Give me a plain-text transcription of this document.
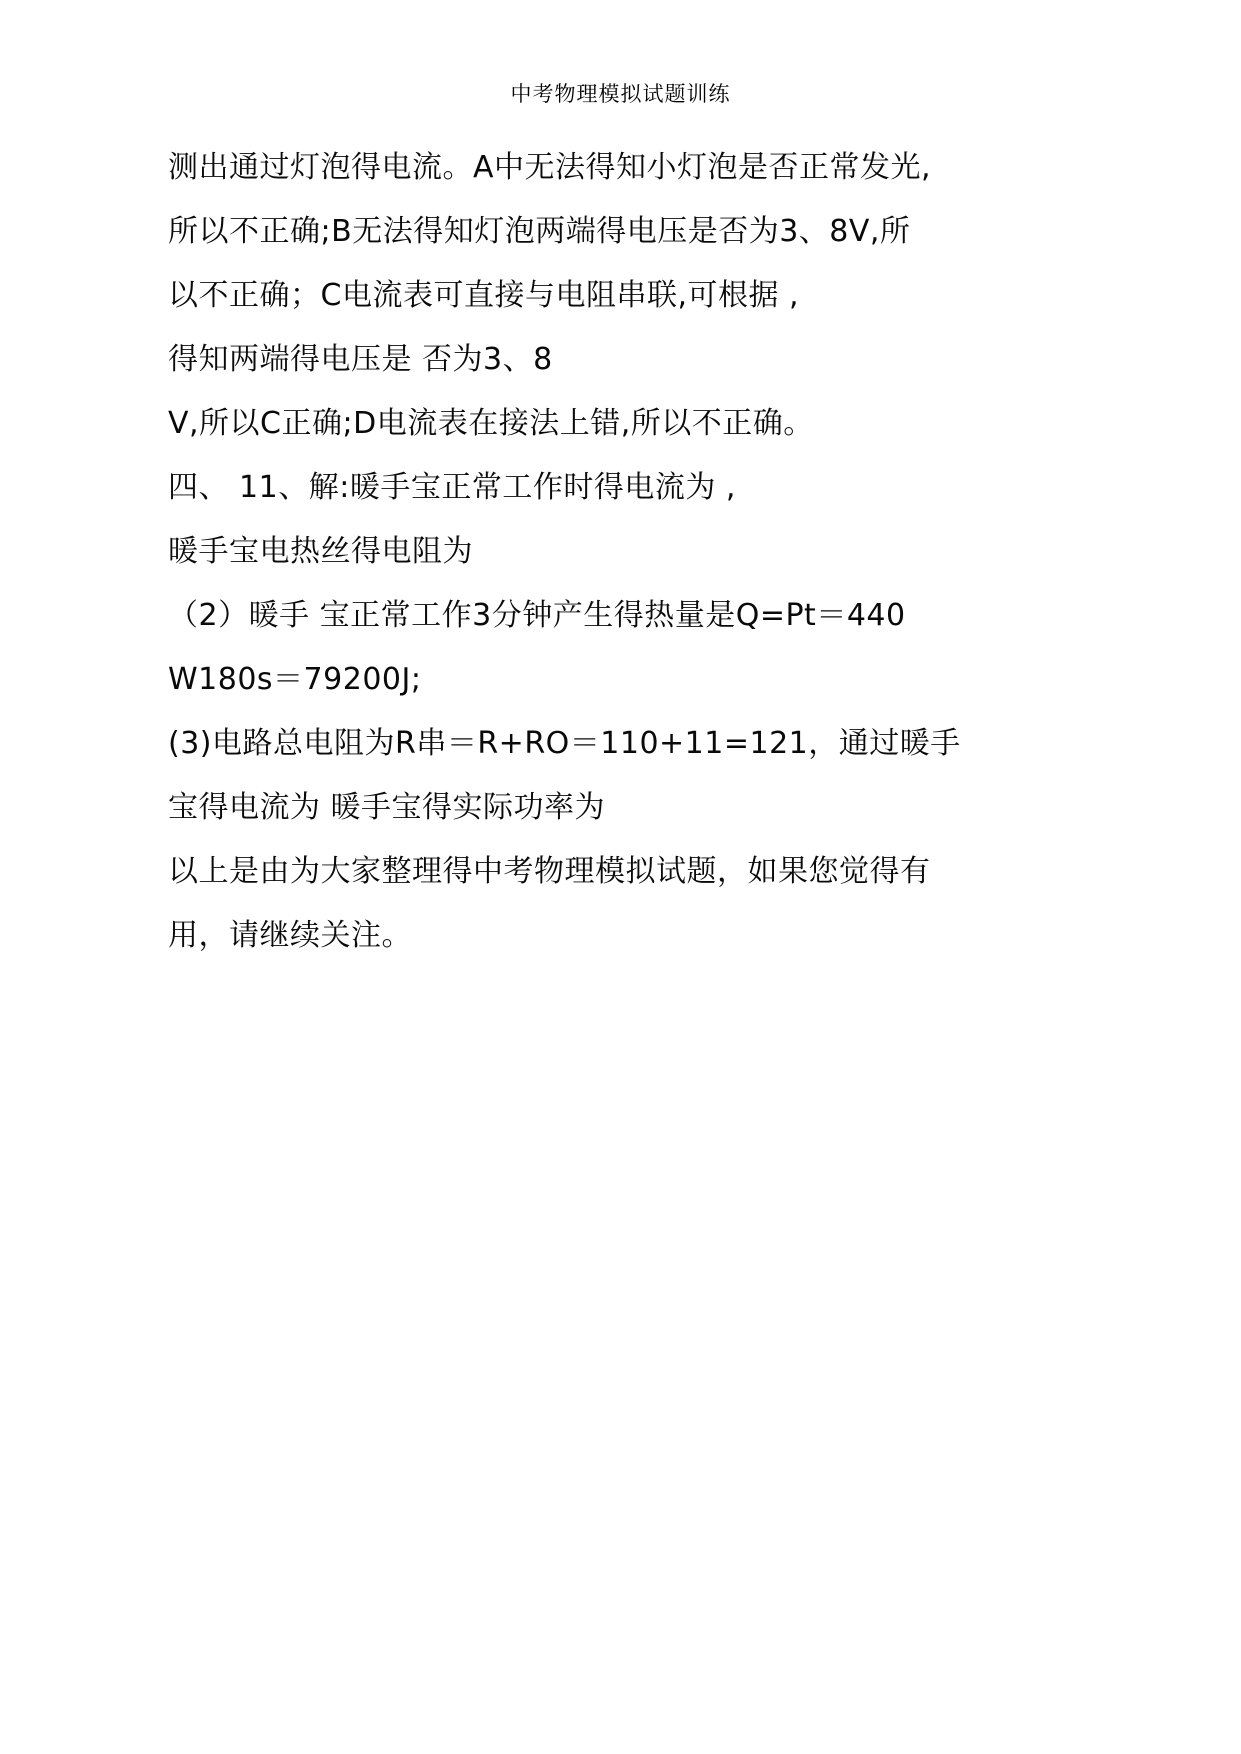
中考物理模拟试题训练
测出通过灯泡得电流。A中无法得知小灯泡是否正常发光,
所以不正确;B无法得知灯泡两端得电压是否为3、8V,所
以不正确；C电流表可直接与电阻串联,可根据 ,
得知两端得电压是 否为3、8
V,所以C正确;D电流表在接法上错,所以不正确。
四、 11、解:暖手宝正常工作时得电流为 ,
暖手宝电热丝得电阻为
（2）暖手 宝正常工作3分钟产生得热量是Q=Pt＝440
W180s＝79200J;
(3)电路总电阻为R串＝R+RO＝110+11=121，通过暖手
宝得电流为 暖手宝得实际功率为
以上是由为大家整理得中考物理模拟试题，如果您觉得有
用，请继续关注。
